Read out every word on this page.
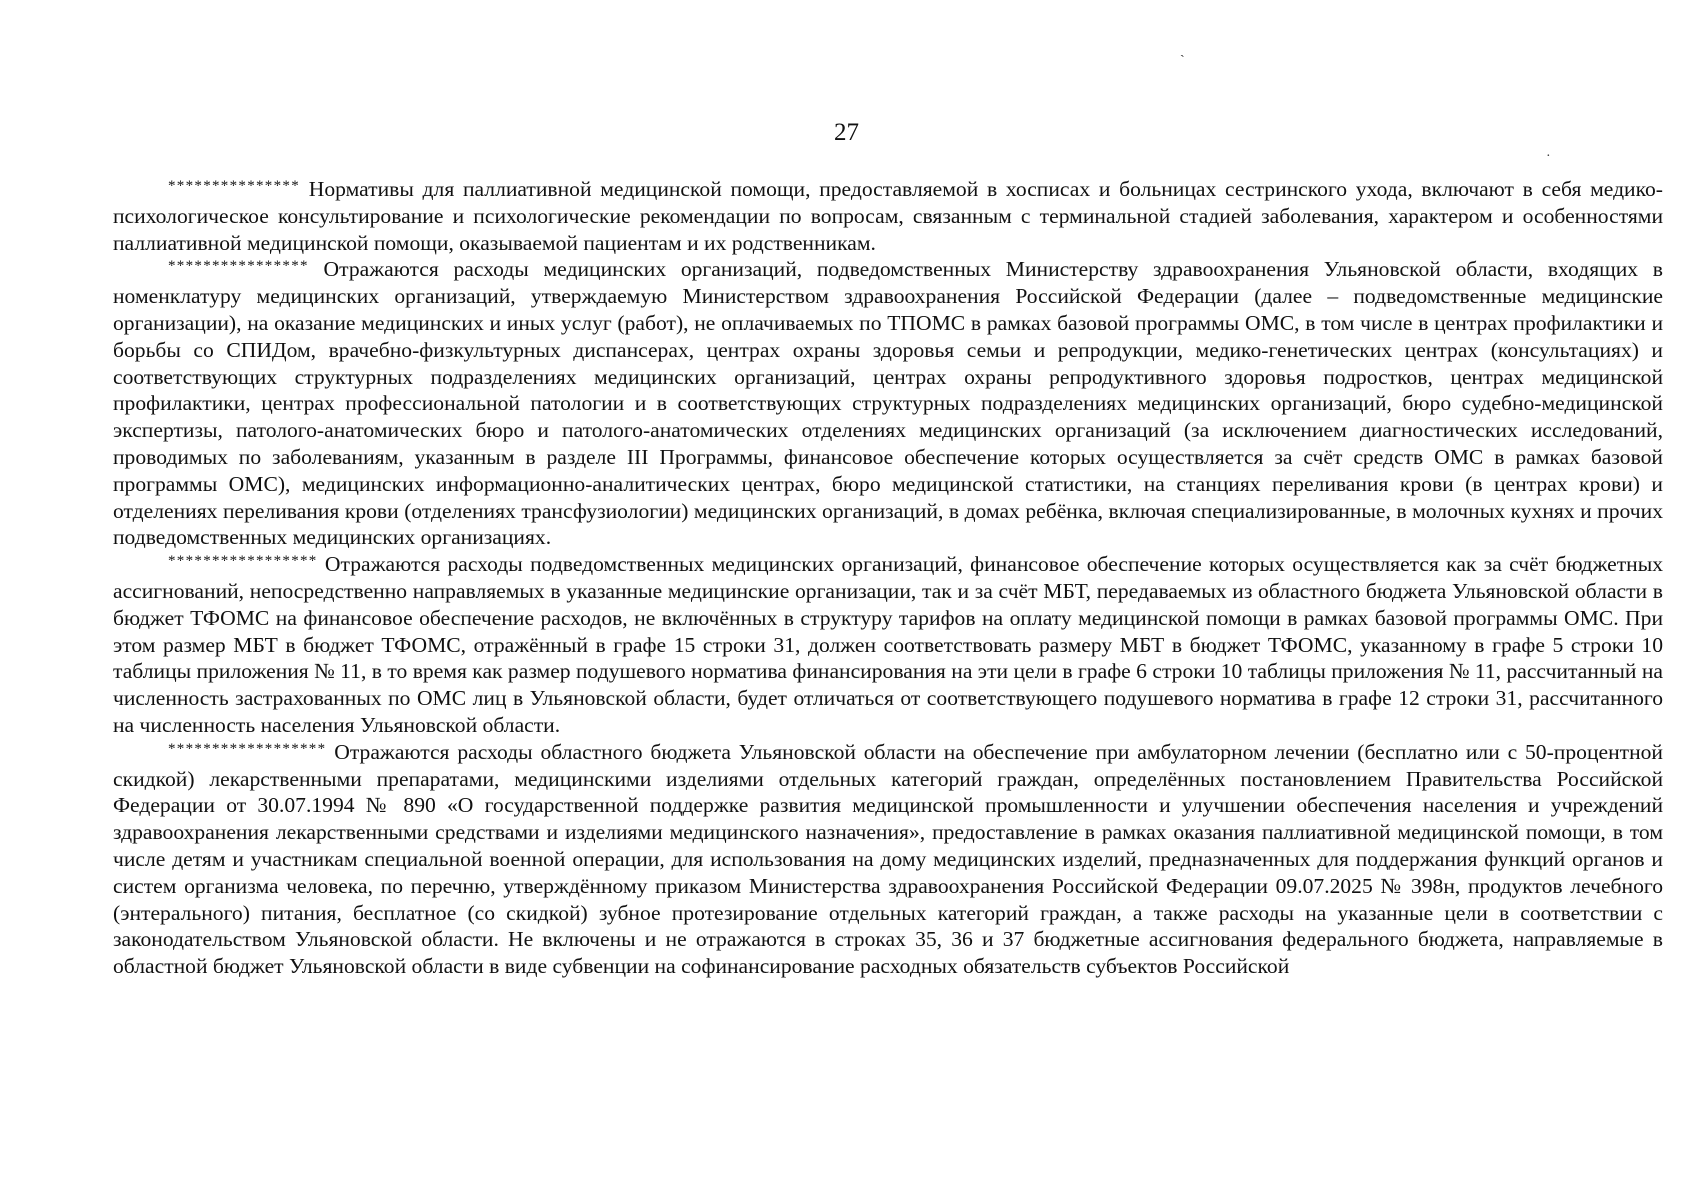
ˏ
·
27

*************** Нормативы для паллиативной медицинской помощи, предоставляемой в хосписах и больницах сестринского ухода, включают в себя медико-психологическое консультирование и психологические рекомендации по вопросам, связанным с терминальной стадией заболевания, характером и особенностями паллиативной медицинской помощи, оказываемой пациентам и их родственникам.

**************** Отражаются расходы медицинских организаций, подведомственных Министерству здравоохранения Ульяновской области, входящих в номенклатуру медицинских организаций, утверждаемую Министерством здравоохранения Российской Федерации (далее – подведомственные медицинские организации), на оказание медицинских и иных услуг (работ), не оплачиваемых по ТПОМС в рамках базовой программы ОМС, в том числе в центрах профилактики и борьбы со СПИДом, врачебно-физкультурных диспансерах, центрах охраны здоровья семьи и репродукции, медико-генетических центрах (консультациях) и соответствующих структурных подразделениях медицинских организаций, центрах охраны репродуктивного здоровья подростков, центрах медицинской профилактики, центрах профессиональной патологии и в соответствующих структурных подразделениях медицинских организаций, бюро судебно-медицинской экспертизы, патолого-анатомических бюро и патолого-анатомических отделениях медицинских организаций (за исключением диагностических исследований, проводимых по заболеваниям, указанным в разделе III Программы, финансовое обеспечение которых осуществляется за счёт средств ОМС в рамках базовой программы ОМС), медицинских информационно-аналитических центрах, бюро медицинской статистики, на станциях переливания крови (в центрах крови) и отделениях переливания крови (отделениях трансфузиологии) медицинских организаций, в домах ребёнка, включая специализированные, в молочных кухнях и прочих подведомственных медицинских организациях.

***************** Отражаются расходы подведомственных медицинских организаций, финансовое обеспечение которых осуществляется как за счёт бюджетных ассигнований, непосредственно направляемых в указанные медицинские организации, так и за счёт МБТ, передаваемых из областного бюджета Ульяновской области в бюджет ТФОМС на финансовое обеспечение расходов, не включённых в структуру тарифов на оплату медицинской помощи в рамках базовой программы ОМС. При этом размер МБТ в бюджет ТФОМС, отражённый в графе 15 строки 31, должен соответствовать размеру МБТ в бюджет ТФОМС, указанному в графе 5 строки 10 таблицы приложения № 11, в то время как размер подушевого норматива финансирования на эти цели в графе 6 строки 10 таблицы приложения № 11, рассчитанный на численность застрахованных по ОМС лиц в Ульяновской области, будет отличаться от соответствующего подушевого норматива в графе 12 строки 31, рассчитанного на численность населения Ульяновской области.

****************** Отражаются расходы областного бюджета Ульяновской области на обеспечение при амбулаторном лечении (бесплатно или с 50-процентной скидкой) лекарственными препаратами, медицинскими изделиями отдельных категорий граждан, определённых постановлением Правительства Российской Федерации от 30.07.1994 № 890 «О государственной поддержке развития медицинской промышленности и улучшении обеспечения населения и учреждений здравоохранения лекарственными средствами и изделиями медицинского назначения», предоставление в рамках оказания паллиативной медицинской помощи, в том числе детям и участникам специальной военной операции, для использования на дому медицинских изделий, предназначенных для поддержания функций органов и систем организма человека, по перечню, утверждённому приказом Министерства здравоохранения Российской Федерации 09.07.2025 № 398н, продуктов лечебного (энтерального) питания, бесплатное (со скидкой) зубное протезирование отдельных категорий граждан, а также расходы на указанные цели в соответствии с законодательством Ульяновской области. Не включены и не отражаются в строках 35, 36 и 37 бюджетные ассигнования федерального бюджета, направляемые в областной бюджет Ульяновской области в виде субвенции на софинансирование расходных обязательств субъектов Российской
